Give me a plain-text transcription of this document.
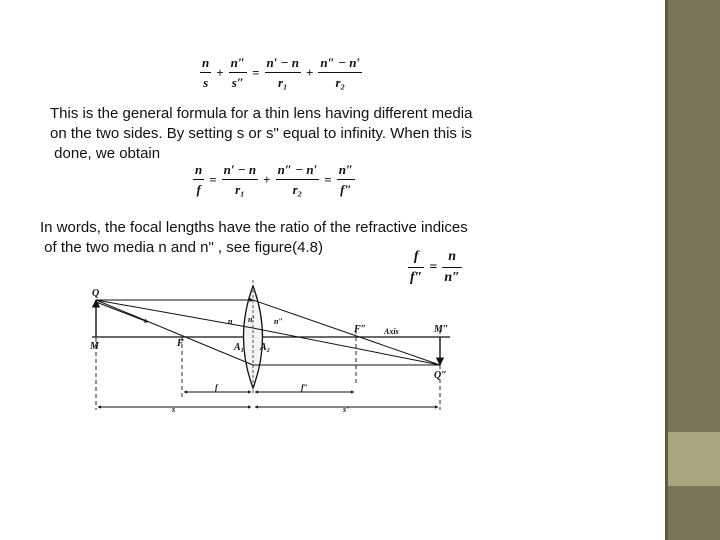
$\frac{n}{s} + \frac{n''}{s''} = \frac{n' - n}{\text{r₁}} + \frac{n'' - n'}{\text{r₂}}$
This is the general formula for a thin lens having different media
on the two sides. By setting s or s" equal to infinity. When this is
done, we obtain
$\frac{n}{f} = \frac{n' - n}{\text{r₁}} + \frac{n'' - n'}{\text{r₂}} = \frac{n''}{f''}$
In words, the focal lengths have the ratio of the refractive indices
of the two media n and n" , see figure(4.8)
$\frac{f}{f''} = \frac{n}{n''}$
Q
M	F
n n′ n″
A₁ A₂
F″ Axis	M″
Q″
f	f″
s	s″
